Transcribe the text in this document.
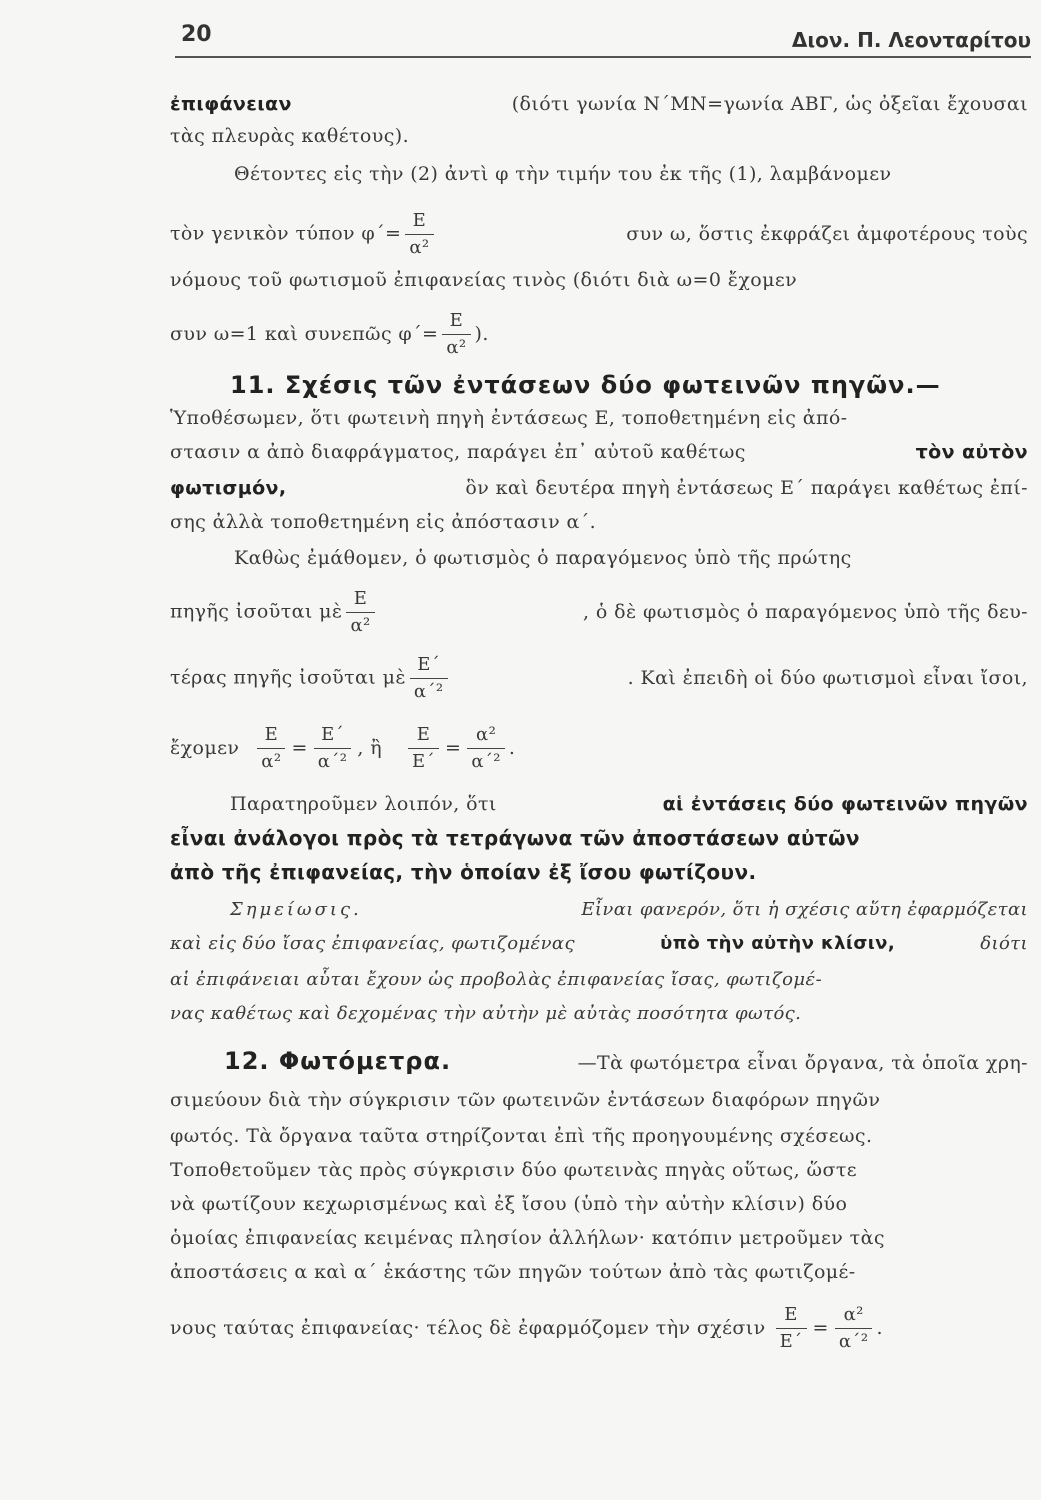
20	Διον. Π. Λεονταρίτου
ἐπιφάνειαν	(διότι γωνία Ν΄ΜΝ=γωνία ΑΒΓ, ὡς ὀξεῖαι ἔχουσαι
τὰς πλευρὰς καθέτους).
Θέτοντες εἰς τὴν (2) ἀντὶ φ τὴν τιμήν του ἐκ τῆς (1), λαμβάνομεν
τὸν γενικὸν τύπον $\varphi΄= \frac{E}{\text{α²}}$	συν ω, ὅστις ἐκφράζει ἀμφοτέρους τοὺς
νόμους τοῦ φωτισμοῦ ἐπιφανείας τινὸς (διότι διὰ ω=0 ἔχομεν
συν ω=1 καὶ συνεπῶς $\varphi΄= \frac{E}{\text{α²}}$ ).
11. Σχέσις τῶν ἐντάσεων δύο φωτεινῶν πηγῶν.—
Ὑποθέσωμεν, ὅτι φωτεινὴ πηγὴ ἐντάσεως Ε, τοποθετημένη εἰς ἀπό-
στασιν α ἀπὸ διαφράγματος, παράγει ἐπ᾽ αὐτοῦ καθέτως	τὸν αὐτὸν
φωτισμόν,	ὃν καὶ δευτέρα πηγὴ ἐντάσεως Ε΄ παράγει καθέτως ἐπί-
σης ἀλλὰ τοποθετημένη εἰς ἀπόστασιν α΄.
Καθὼς ἐμάθομεν, ὁ φωτισμὸς ὁ παραγόμενος ὑπὸ τῆς πρώτης
πηγῆς ἰσοῦται μὲ $\frac{E}{\text{α²}}$	, ὁ δὲ φωτισμὸς ὁ παραγόμενος ὑπὸ τῆς δευ-
τέρας πηγῆς ἰσοῦται μὲ $\frac{E΄}{\text{α΄²}}$	. Καὶ ἐπειδὴ οἱ δύο φωτισμοὶ εἶναι ἴσοι,
ἔχομεν $\frac{E}{\text{α²}} = \frac{E΄}{\text{α΄²}}$ , ἢ $\frac{E}{E΄} = \frac{\text{α²}}{\text{α΄²}}$ .
Παρατηροῦμεν λοιπόν, ὅτι	αἱ ἐντάσεις δύο φωτεινῶν πηγῶν
εἶναι ἀνάλογοι πρὸς τὰ τετράγωνα τῶν ἀποστάσεων αὐτῶν
ἀπὸ τῆς ἐπιφανείας, τὴν ὁποίαν ἐξ ἴσου φωτίζουν.
Σημείωσις.	Εἶναι φανερόν, ὅτι ἡ σχέσις αὕτη ἐφαρμόζεται
καὶ εἰς δύο ἴσας ἐπιφανείας, φωτιζομένας	ὑπὸ τὴν αὐτὴν κλίσιν,	διότι
αἱ ἐπιφάνειαι αὗται ἔχουν ὡς προβολὰς ἐπιφανείας ἴσας, φωτιζομέ-
νας καθέτως καὶ δεχομένας τὴν αὐτὴν μὲ αὐτὰς ποσότητα φωτός.
12. Φωτόμετρα.	—Τὰ φωτόμετρα εἶναι ὄργανα, τὰ ὁποῖα χρη-
σιμεύουν διὰ τὴν σύγκρισιν τῶν φωτεινῶν ἐντάσεων διαφόρων πηγῶν
φωτός. Τὰ ὄργανα ταῦτα στηρίζονται ἐπὶ τῆς προηγουμένης σχέσεως.
Τοποθετοῦμεν τὰς πρὸς σύγκρισιν δύο φωτεινὰς πηγὰς οὕτως, ὥστε
νὰ φωτίζουν κεχωρισμένως καὶ ἐξ ἴσου (ὑπὸ τὴν αὐτὴν κλίσιν) δύο
ὁμοίας ἐπιφανείας κειμένας πλησίον ἀλλήλων· κατόπιν μετροῦμεν τὰς
ἀποστάσεις α καὶ α΄ ἑκάστης τῶν πηγῶν τούτων ἀπὸ τὰς φωτιζομέ-
νους ταύτας ἐπιφανείας· τέλος δὲ ἐφαρμόζομεν τὴν σχέσιν $\frac{E}{E΄} = \frac{\text{α²}}{\text{α΄²}}$ .
